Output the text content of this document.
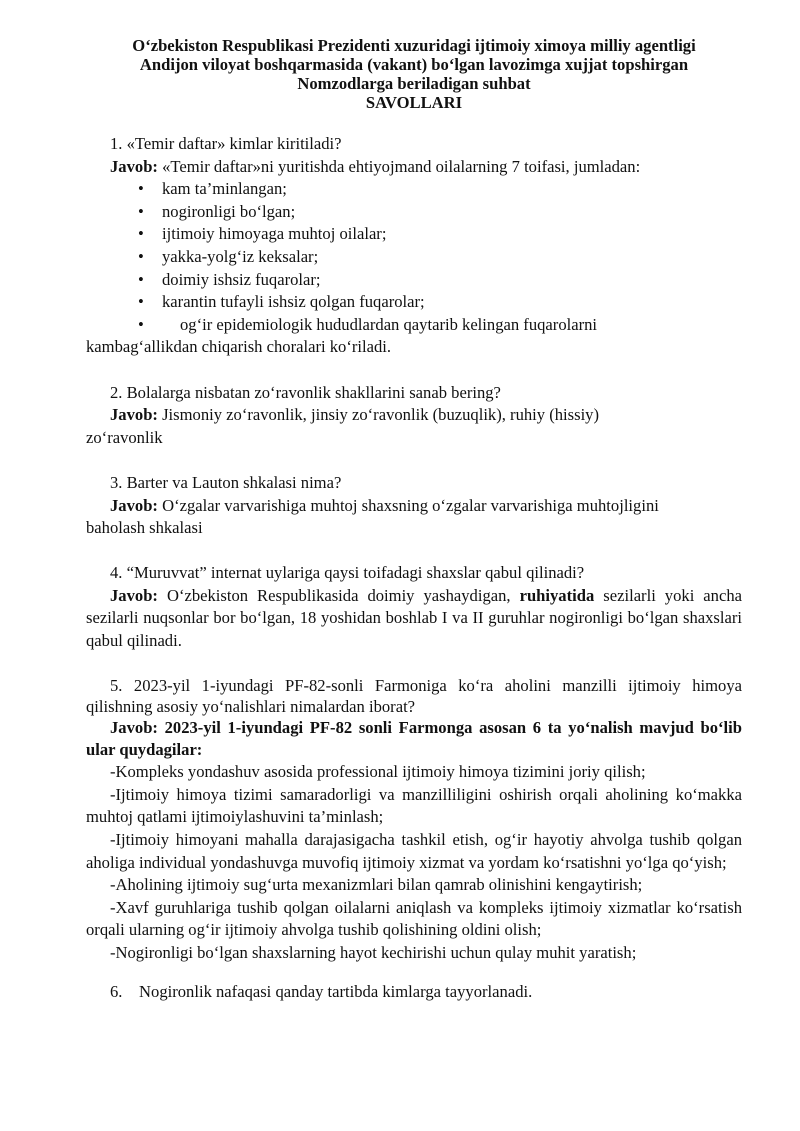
O‘zbekiston Respublikasi Prezidenti xuzuridagi ijtimoiy ximoya milliy agentligi
Andijon viloyat boshqarmasida (vakant) bo‘lgan lavozimga xujjat topshirgan
Nomzodlarga beriladigan suhbat
SAVOLLARI
1. «Temir daftar» kimlar kiritiladi?
Javob: «Temir daftar»ni yuritishda ehtiyojmand oilalarning 7 toifasi, jumladan:
• kam ta’minlangan;
• nogironligi bo‘lgan;
• ijtimoiy himoyaga muhtoj oilalar;
• yakka-yolg‘iz keksalar;
• doimiy ishsiz fuqarolar;
• karantin tufayli ishsiz qolgan fuqarolar;
• og‘ir epidemiologik hududlardan qaytarib kelingan fuqarolarni
kambag‘allikdan chiqarish choralari ko‘riladi.
2. Bolalarga nisbatan zo‘ravonlik shakllarini sanab bering?
Javob: Jismoniy zo‘ravonlik, jinsiy zo‘ravonlik (buzuqlik), ruhiy (hissiy)
zo‘ravonlik
3. Barter va Lauton shkalasi nima?
Javob: O‘zgalar varvarishiga muhtoj shaxsning o‘zgalar varvarishiga muhtojligini
baholash shkalasi
4. “Muruvvat” internat uylariga qaysi toifadagi shaxslar qabul qilinadi?
Javob: O‘zbekiston Respublikasida doimiy yashaydigan, ruhiyatida sezilarli yoki ancha sezilarli nuqsonlar bor bo‘lgan, 18 yoshidan boshlab I va II guruhlar nogironligi bo‘lgan shaxslari qabul qilinadi.
5. 2023-yil 1-iyundagi PF-82-sonli Farmoniga ko‘ra aholini manzilli ijtimoiy himoya qilishning asosiy yo‘nalishlari nimalardan iborat?
Javob: 2023-yil 1-iyundagi PF-82 sonli Farmonga asosan 6 ta yo‘nalish mavjud bo‘lib ular quydagilar:
-Kompleks yondashuv asosida professional ijtimoiy himoya tizimini joriy qilish;
-Ijtimoiy himoya tizimi samaradorligi va manzilliligini oshirish orqali aholining ko‘makka muhtoj qatlami ijtimoiylashuvini ta’minlash;
-Ijtimoiy himoyani mahalla darajasigacha tashkil etish, og‘ir hayotiy ahvolga tushib qolgan aholiga individual yondashuvga muvofiq ijtimoiy xizmat va yordam ko‘rsatishni yo‘lga qo‘yish;
-Aholining ijtimoiy sug‘urta mexanizmlari bilan qamrab olinishini kengaytirish;
-Xavf guruhlariga tushib qolgan oilalarni aniqlash va kompleks ijtimoiy xizmatlar ko‘rsatish orqali ularning og‘ir ijtimoiy ahvolga tushib qolishining oldini olish;
-Nogironligi bo‘lgan shaxslarning hayot kechirishi uchun qulay muhit yaratish;
6.    Nogironlik nafaqasi qanday tartibda kimlarga tayyorlanadi.
